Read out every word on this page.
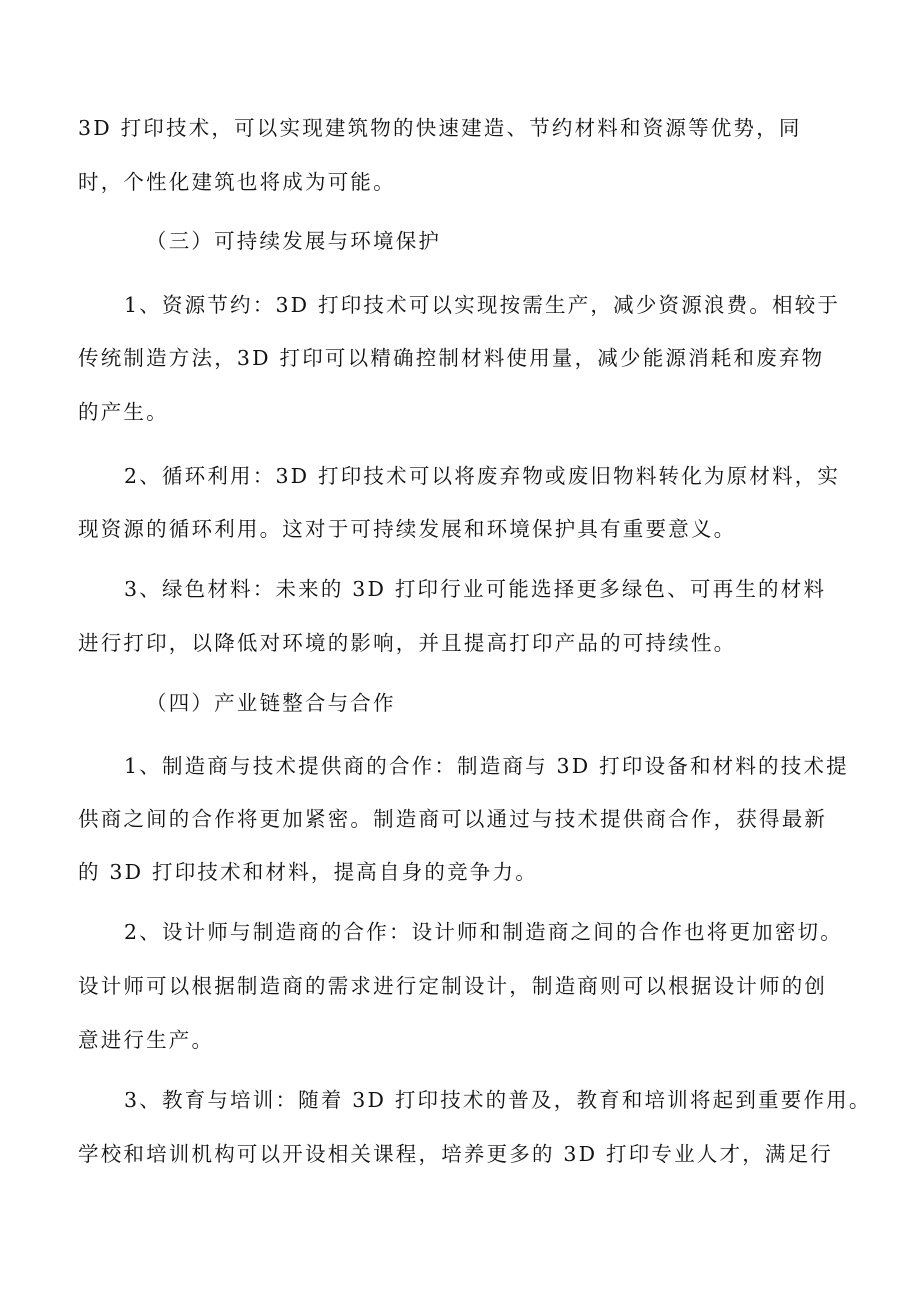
3D 打印技术，可以实现建筑物的快速建造、节约材料和资源等优势，同
时，个性化建筑也将成为可能。
（三）可持续发展与环境保护
1、资源节约：3D 打印技术可以实现按需生产，减少资源浪费。相较于
传统制造方法，3D 打印可以精确控制材料使用量，减少能源消耗和废弃物
的产生。
2、循环利用：3D 打印技术可以将废弃物或废旧物料转化为原材料，实
现资源的循环利用。这对于可持续发展和环境保护具有重要意义。
3、绿色材料：未来的 3D 打印行业可能选择更多绿色、可再生的材料
进行打印，以降低对环境的影响，并且提高打印产品的可持续性。
（四）产业链整合与合作
1、制造商与技术提供商的合作：制造商与 3D 打印设备和材料的技术提
供商之间的合作将更加紧密。制造商可以通过与技术提供商合作，获得最新
的 3D 打印技术和材料，提高自身的竞争力。
2、设计师与制造商的合作：设计师和制造商之间的合作也将更加密切。
设计师可以根据制造商的需求进行定制设计，制造商则可以根据设计师的创
意进行生产。
3、教育与培训：随着 3D 打印技术的普及，教育和培训将起到重要作用。
学校和培训机构可以开设相关课程，培养更多的 3D 打印专业人才，满足行
